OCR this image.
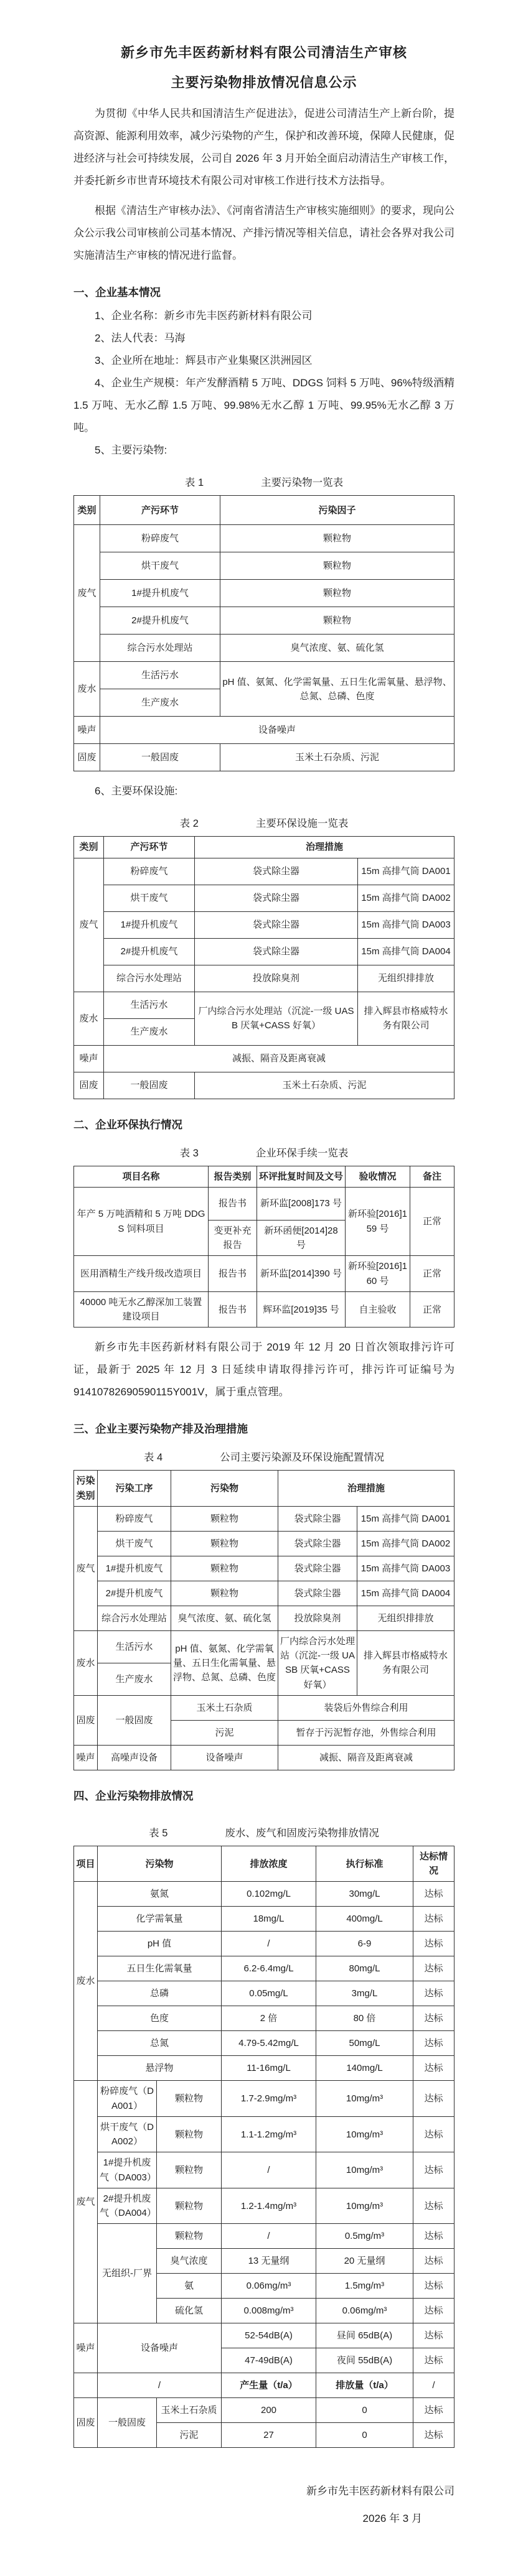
新乡市先丰医药新材料有限公司清洁生产审核
主要污染物排放情况信息公示

为贯彻《中华人民共和国清洁生产促进法》，促进公司清洁生产上新台阶，提高资源、能源利用效率，减少污染物的产生，保护和改善环境，保障人民健康，促进经济与社会可持续发展，公司自 2026 年 3 月开始全面启动清洁生产审核工作，并委托新乡市世青环境技术有限公司对审核工作进行技术方法指导。

根据《清洁生产审核办法》、《河南省清洁生产审核实施细则》的要求，现向公众公示我公司审核前公司基本情况、产排污情况等相关信息，请社会各界对我公司实施清洁生产审核的情况进行监督。

一、企业基本情况

1、企业名称：新乡市先丰医药新材料有限公司

2、法人代表：马海

3、企业所在地址：辉县市产业集聚区洪洲园区

4、企业生产规模：年产发酵酒精 5 万吨、DDGS 饲料 5 万吨、96%特级酒精 1.5 万吨、无水乙醇 1.5 万吨、99.98%无水乙醇 1 万吨、99.95%无水乙醇 3 万吨。

5、主要污染物:

表 1	主要污染物一览表
类别	产污环节	污染因子
废气	粉碎废气	颗粒物
	烘干废气	颗粒物
	1#提升机废气	颗粒物
	2#提升机废气	颗粒物
	综合污水处理站	臭气浓度、氨、硫化氢
废水	生活污水	pH 值、氨氮、化学需氧量、五日生化需氧量、悬浮物、总氮、总磷、色度
	生产废水	
噪声	设备噪声	
固废	一般固废	玉米土石杂质、污泥

6、主要环保设施:

表 2	主要环保设施一览表
类别	产污环节	治理措施	
废气	粉碎废气	袋式除尘器	15m 高排气筒 DA001
	烘干废气	袋式除尘器	15m 高排气筒 DA002
	1#提升机废气	袋式除尘器	15m 高排气筒 DA003
	2#提升机废气	袋式除尘器	15m 高排气筒 DA004
	综合污水处理站	投放除臭剂	无组织排排放
废水	生活污水	厂内综合污水处理站（沉淀-一级 UASB 厌氧+CASS 好氧）	排入辉县市格威特水务有限公司
	生产废水		
噪声	减振、隔音及距离衰减		
固废	一般固废	玉米土石杂质、污泥	
二、企业环保执行情况
表 3	企业环保手续一览表
项目名称	报告类别	环评批复时间及文号	验收情况	备注
年产 5 万吨酒精和 5 万吨 DDGS 饲料项目	报告书	新环监[2008]173 号	新环验[2016]159 号	正常
	变更补充报告	新环函便[2014]28 号		
医用酒精生产线升级改造项目	报告书	新环监[2014]390 号	新环验[2016]160 号	正常
40000 吨无水乙醇深加工装置建设项目	报告书	辉环监[2019]35 号	自主验收	正常

新乡市先丰医药新材料有限公司于 2019 年 12 月 20 日首次领取排污许可证，最新于 2025 年 12 月 3 日延续申请取得排污许可，排污许可证编号为 91410782690590115Y001V，属于重点管理。

三、企业主要污染物产排及治理措施
表 4	公司主要污染源及环保设施配置情况
污染类别	污染工序	污染物	治理措施	
废气	粉碎废气	颗粒物	袋式除尘器	15m 高排气筒 DA001
	烘干废气	颗粒物	袋式除尘器	15m 高排气筒 DA002
	1#提升机废气	颗粒物	袋式除尘器	15m 高排气筒 DA003
	2#提升机废气	颗粒物	袋式除尘器	15m 高排气筒 DA004
	综合污水处理站	臭气浓度、氨、硫化氢	投放除臭剂	无组织排排放
废水	生活污水	pH 值、氨氮、化学需氧量、五日生化需氧量、悬浮物、总氮、总磷、色度	厂内综合污水处理站（沉淀-一级 UASB 厌氧+CASS 好氧）	排入辉县市格威特水务有限公司
	生产废水			
固废	一般固废	玉米土石杂质	装袋后外售综合利用	
		污泥	暂存于污泥暂存池，外售综合利用	
噪声	高噪声设备	设备噪声	减振、隔音及距离衰减	
四、企业污染物排放情况
表 5	废水、废气和固废污染物排放情况
项目	污染物		排放浓度	执行标准	达标情况
废水	氨氮		0.102mg/L	30mg/L	达标
	化学需氧量		18mg/L	400mg/L	达标
	pH 值		/	6-9	达标
	五日生化需氧量		6.2-6.4mg/L	80mg/L	达标
	总磷		0.05mg/L	3mg/L	达标
	色度		2 倍	80 倍	达标
	总氮		4.79-5.42mg/L	50mg/L	达标
	悬浮物		11-16mg/L	140mg/L	达标
废气	粉碎废气（DA001）	颗粒物	1.7-2.9mg/m³	10mg/m³	达标
	烘干废气（DA002）	颗粒物	1.1-1.2mg/m³	10mg/m³	达标
	1#提升机废气（DA003）	颗粒物	/	10mg/m³	达标
	2#提升机废气（DA004）	颗粒物	1.2-1.4mg/m³	10mg/m³	达标
	无组织-厂界	颗粒物	/	0.5mg/m³	达标
		臭气浓度	13 无量纲	20 无量纲	达标
		氨	0.06mg/m³	1.5mg/m³	达标
		硫化氢	0.008mg/m³	0.06mg/m³	达标
噪声	设备噪声		52-54dB(A)	昼间 65dB(A)	达标
			47-49dB(A)	夜间 55dB(A)	达标
	/		产生量（t/a）	排放量（t/a）	/
固废	一般固废	玉米土石杂质	200	0	达标
		污泥	27	0	达标
新乡市先丰医药新材料有限公司
2026 年 3 月
